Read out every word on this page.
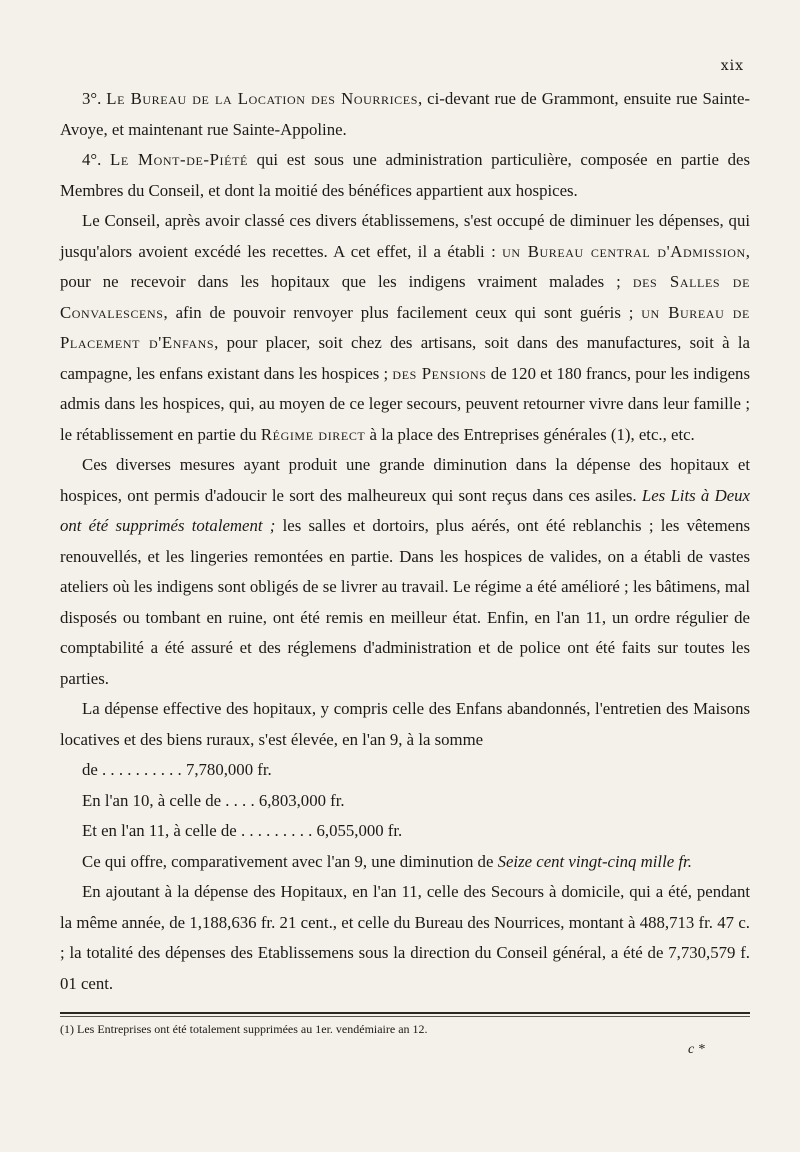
xix

3°. Le Bureau de la Location des Nourrices, ci-devant rue de Grammont, ensuite rue Sainte-Avoye, et maintenant rue Sainte-Appoline.

4°. Le Mont-de-Piété qui est sous une administration particulière, composée en partie des Membres du Conseil, et dont la moitié des bénéfices appartient aux hospices.

Le Conseil, après avoir classé ces divers établissemens, s'est occupé de diminuer les dépenses, qui jusqu'alors avoient excédé les recettes. A cet effet, il a établi : un Bureau central d'Admission, pour ne recevoir dans les hopitaux que les indigens vraiment malades ; des Salles de Convalescens, afin de pouvoir renvoyer plus facilement ceux qui sont guéris ; un Bureau de Placement d'Enfans, pour placer, soit chez des artisans, soit dans des manufactures, soit à la campagne, les enfans existant dans les hospices ; des Pensions de 120 et 180 francs, pour les indigens admis dans les hospices, qui, au moyen de ce leger secours, peuvent retourner vivre dans leur famille ; le rétablissement en partie du Régime direct à la place des Entreprises générales (1), etc., etc.

Ces diverses mesures ayant produit une grande diminution dans la dépense des hopitaux et hospices, ont permis d'adoucir le sort des malheureux qui sont reçus dans ces asiles. Les Lits à Deux ont été supprimés totalement ; les salles et dortoirs, plus aérés, ont été reblanchis ; les vêtemens renouvellés, et les lingeries remontées en partie. Dans les hospices de valides, on a établi de vastes ateliers où les indigens sont obligés de se livrer au travail. Le régime a été amélioré ; les bâtimens, mal disposés ou tombant en ruine, ont été remis en meilleur état. Enfin, en l'an 11, un ordre régulier de comptabilité a été assuré et des réglemens d'administration et de police ont été faits sur toutes les parties.

La dépense effective des hopitaux, y compris celle des Enfans abandonnés, l'entretien des Maisons locatives et des biens ruraux, s'est élevée, en l'an 9, à la somme

de . . . . . . . . . . 7,780,000 fr.

En l'an 10, à celle de . . . . 6,803,000 fr.

Et en l'an 11, à celle de . . . . . . . . . 6,055,000 fr.

Ce qui offre, comparativement avec l'an 9, une diminution de Seize cent vingt-cinq mille fr.

En ajoutant à la dépense des Hopitaux, en l'an 11, celle des Secours à domicile, qui a été, pendant la même année, de 1,188,636 fr. 21 cent., et celle du Bureau des Nourrices, montant à 488,713 fr. 47 c. ; la totalité des dépenses des Etablissemens sous la direction du Conseil général, a été de 7,730,579 f. 01 cent.

(1) Les Entreprises ont été totalement supprimées au 1er. vendémiaire an 12.
c *
